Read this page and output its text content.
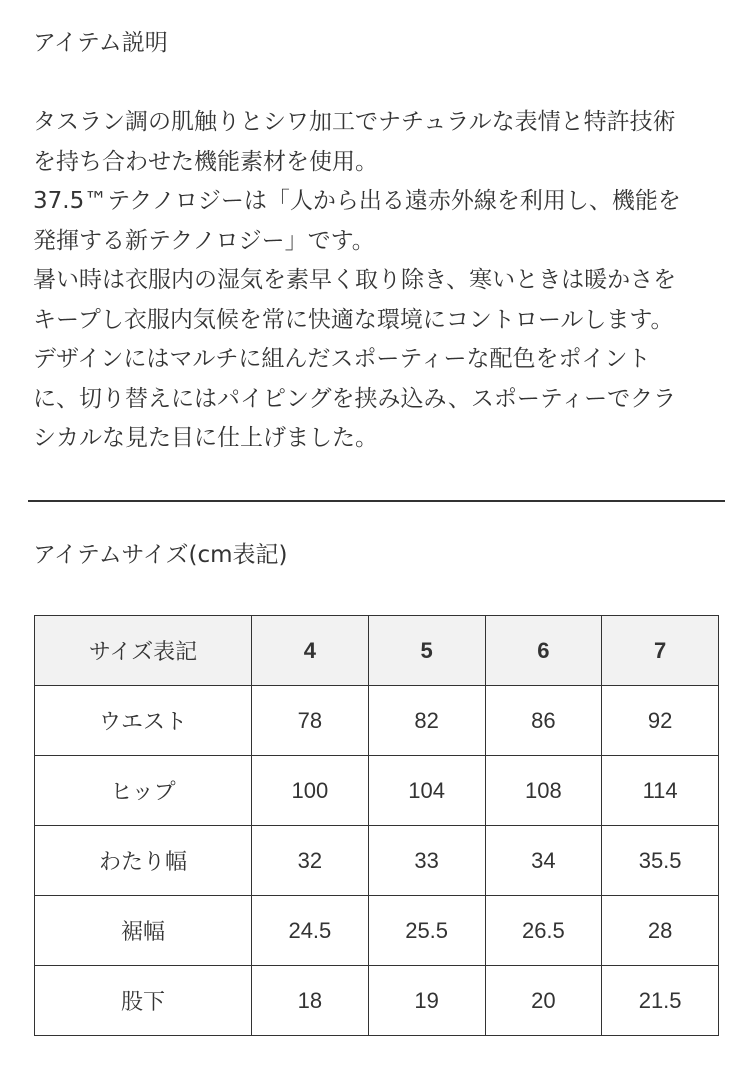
アイテム説明
タスラン調の肌触りとシワ加工でナチュラルな表情と特許技術
を持ち合わせた機能素材を使用。
37.5™テクノロジーは「人から出る遠赤外線を利用し、機能を
発揮する新テクノロジー」です。
暑い時は衣服内の湿気を素早く取り除き、寒いときは暖かさを
キープし衣服内気候を常に快適な環境にコントロールします。
デザインにはマルチに組んだスポーティーな配色をポイント
に、切り替えにはパイピングを挟み込み、スポーティーでクラ
シカルな見た目に仕上げました。
アイテムサイズ(cm表記)
サイズ表記	4	5	6	7
ウエスト	78	82	86	92
ヒップ	100	104	108	114
わたり幅	32	33	34	35.5
裾幅	24.5	25.5	26.5	28
股下	18	19	20	21.5
